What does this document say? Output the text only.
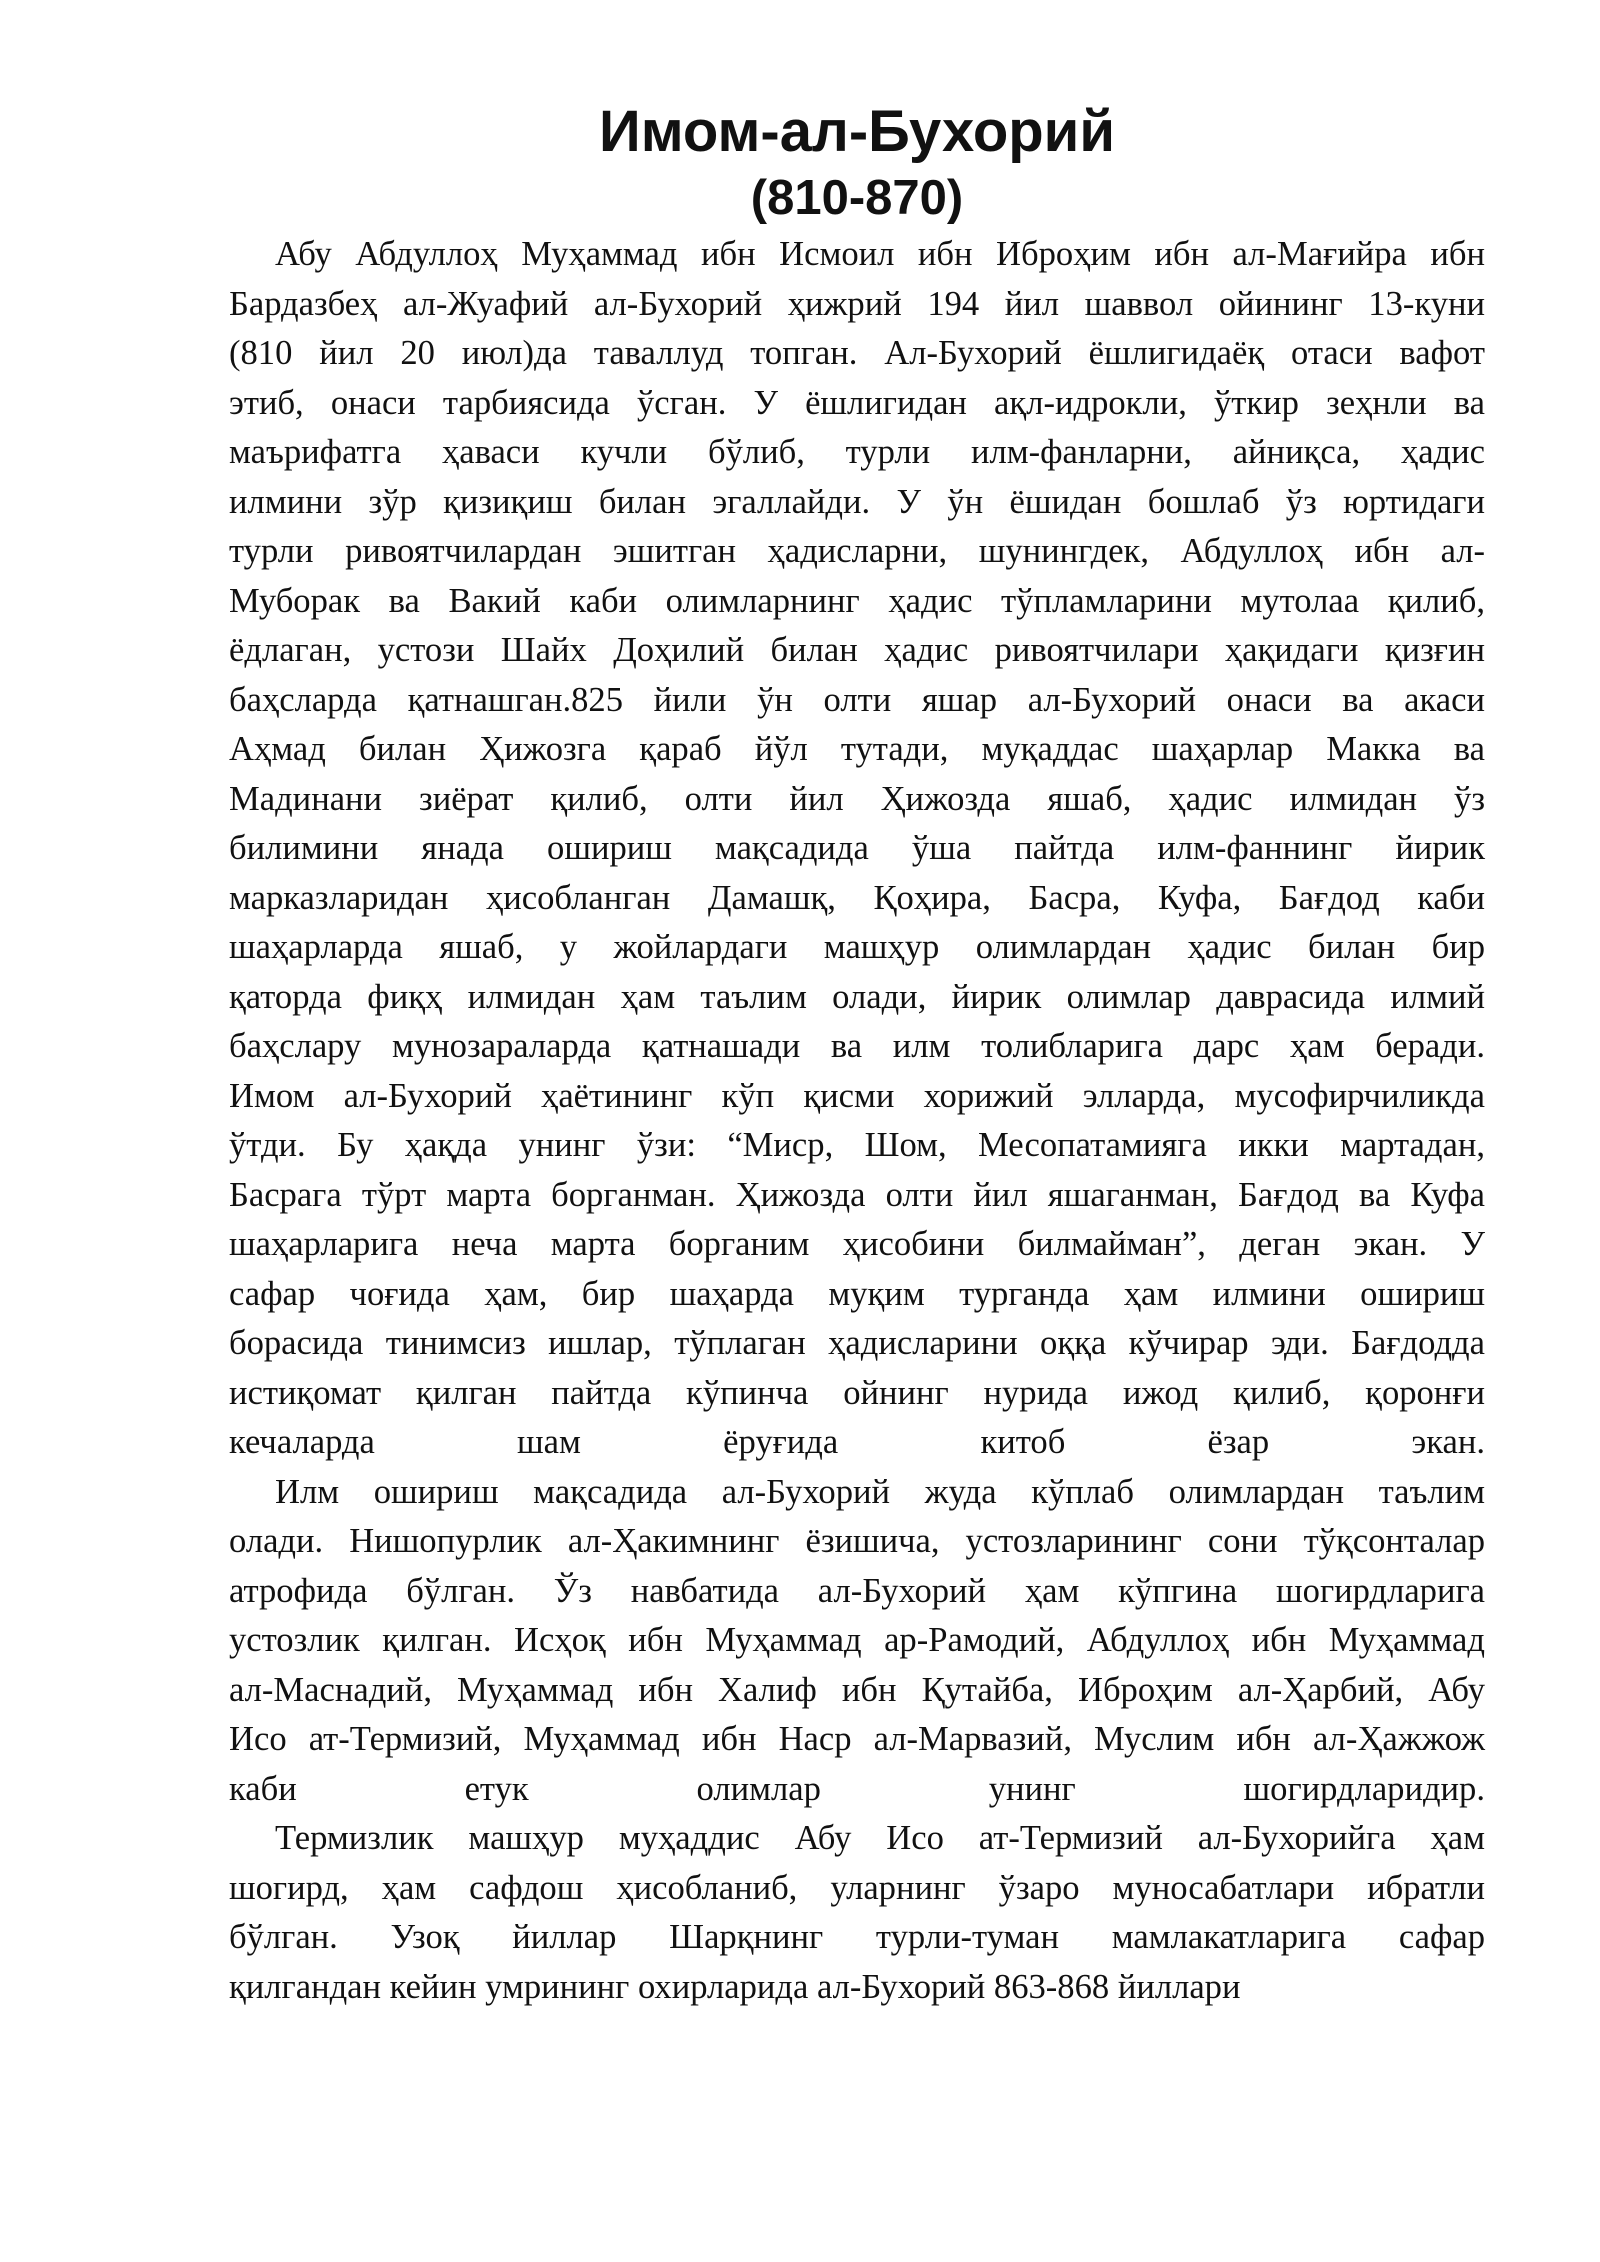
Имом-ал-Бухорий
(810-870)
Абу Абдуллоҳ Муҳаммад ибн Исмоил ибн Иброҳим ибн ал-Мағийра ибн
Бардазбеҳ ал-Жуафий ал-Бухорий ҳижрий 194 йил шаввол ойининг 13-куни
(810 йил 20 июл)да таваллуд топган. Ал-Бухорий ёшлигидаёқ отаси вафот
этиб, онаси тарбиясида ўсган. У ёшлигидан ақл-идрокли, ўткир зеҳнли ва
маърифатга ҳаваси кучли бўлиб, турли илм-фанларни, айниқса, ҳадис
илмини зўр қизиқиш билан эгаллайди. У ўн ёшидан бошлаб ўз юртидаги
турли ривоятчилардан эшитган ҳадисларни, шунингдек, Абдуллоҳ ибн ал-
Муборак ва Вакий каби олимларнинг ҳадис тўпламларини мутолаа қилиб,
ёдлаган, устози Шайх Доҳилий билан ҳадис ривоятчилари ҳақидаги қизғин
баҳсларда қатнашган.825 йили ўн олти яшар ал-Бухорий онаси ва акаси
Аҳмад билан Ҳижозга қараб йўл тутади, муқаддас шаҳарлар Макка ва
Мадинани зиёрат қилиб, олти йил Ҳижозда яшаб, ҳадис илмидан ўз
билимини янада ошириш мақсадида ўша пайтда илм-фаннинг йирик
марказларидан ҳисобланган Дамашқ, Қоҳира, Басра, Куфа, Бағдод каби
шаҳарларда яшаб, у жойлардаги машҳур олимлардан ҳадис билан бир
қаторда фиқҳ илмидан ҳам таълим олади, йирик олимлар даврасида илмий
баҳслару мунозараларда қатнашади ва илм толибларига дарс ҳам беради.
Имом ал-Бухорий ҳаётининг кўп қисми хорижий элларда, мусофирчиликда
ўтди. Бу ҳақда унинг ўзи: “Миср, Шом, Месопатамияга икки мартадан,
Басрага тўрт марта борганман. Ҳижозда олти йил яшаганман, Бағдод ва Куфа
шаҳарларига неча марта борганим ҳисобини билмайман”, деган экан. У
сафар чоғида ҳам, бир шаҳарда муқим турганда ҳам илмини ошириш
борасида тинимсиз ишлар, тўплаган ҳадисларини оққа кўчирар эди. Бағдодда
истиқомат қилган пайтда кўпинча ойнинг нурида ижод қилиб, қоронғи
кечаларда шам ёруғида китоб ёзар экан.
Илм ошириш мақсадида ал-Бухорий жуда кўплаб олимлардан таълим
олади. Нишопурлик ал-Ҳакимнинг ёзишича, устозларининг сони тўқсонталар
атрофида бўлган. Ўз навбатида ал-Бухорий ҳам кўпгина шогирдларига
устозлик қилган. Исҳоқ ибн Муҳаммад ар-Рамодий, Абдуллоҳ ибн Муҳаммад
ал-Маснадий, Муҳаммад ибн Халиф ибн Қутайба, Иброҳим ал-Ҳарбий, Абу
Исо ат-Термизий, Муҳаммад ибн Наср ал-Марвазий, Муслим ибн ал-Ҳажжож
каби етук олимлар унинг шогирдларидир.
Термизлик машҳур муҳаддис Абу Исо ат-Термизий ал-Бухорийга ҳам
шогирд, ҳам сафдош ҳисобланиб, уларнинг ўзаро муносабатлари ибратли
бўлган. Узоқ йиллар Шарқнинг турли-туман мамлакатларига сафар
қилгандан кейин умрининг охирларида ал-Бухорий 863-868 йиллари
